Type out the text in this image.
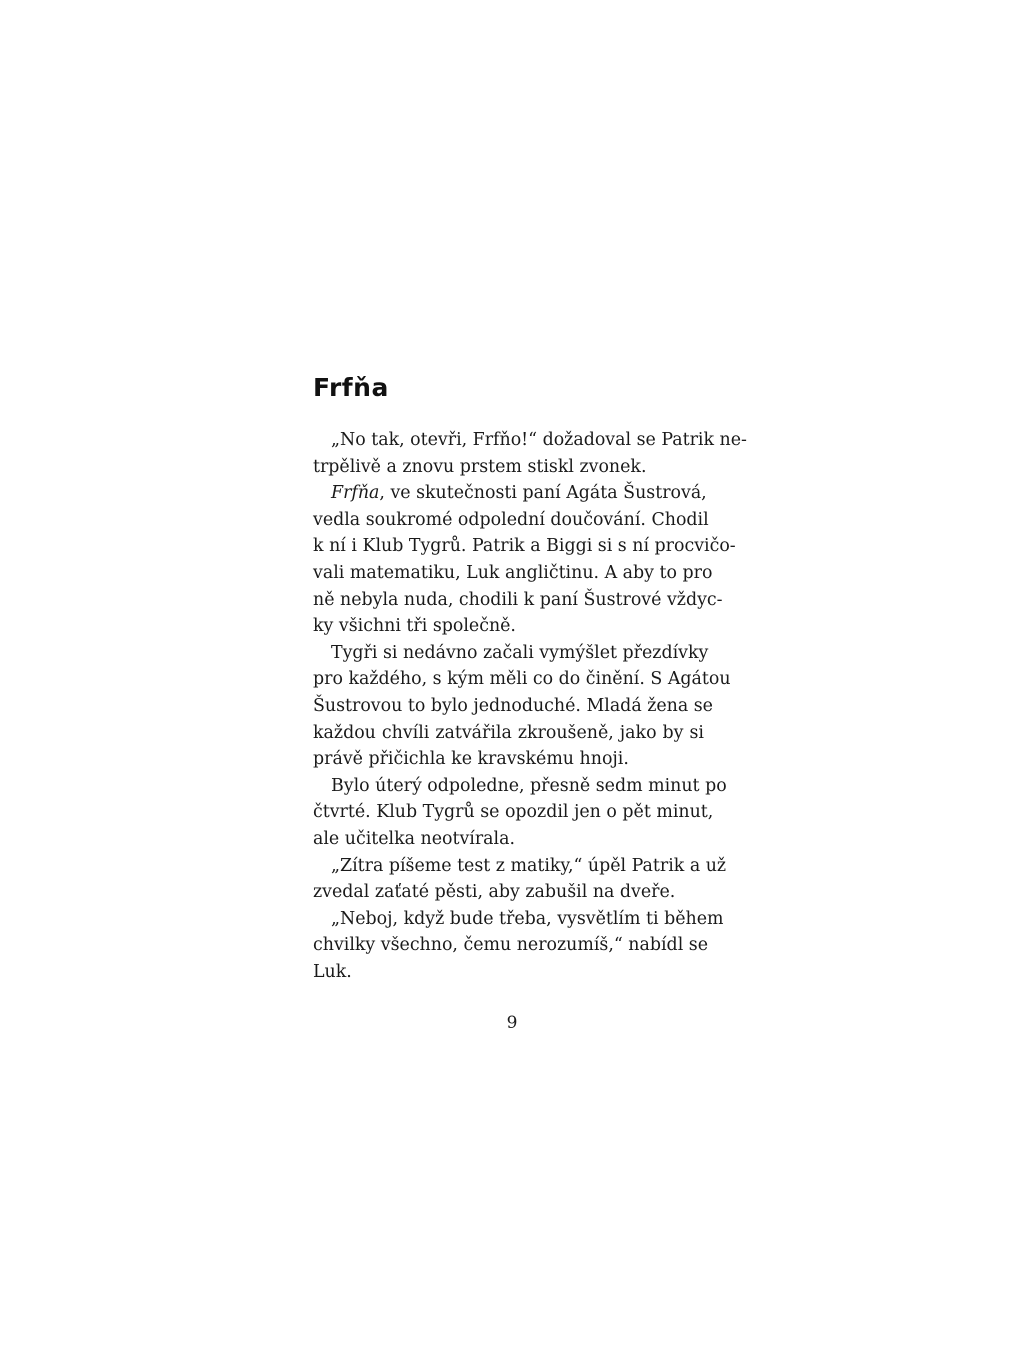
Frfňa
„No tak, otevři, Frfňo!“ dožadoval se Patrik ne-
trpělivě a znovu prstem stiskl zvonek.
Frfňa, ve skutečnosti paní Agáta Šustrová,
vedla soukromé odpolední doučování. Chodil
k ní i Klub Tygrů. Patrik a Biggi si s ní procvičo-
vali matematiku, Luk angličtinu. A aby to pro
ně nebyla nuda, chodili k paní Šustrové vždyc-
ky všichni tři společně.
Tygři si nedávno začali vymýšlet přezdívky
pro každého, s kým měli co do činění. S Agátou
Šustrovou to bylo jednoduché. Mladá žena se
každou chvíli zatvářila zkroušeně, jako by si
právě přičichla ke kravskému hnoji.
Bylo úterý odpoledne, přesně sedm minut po
čtvrté. Klub Tygrů se opozdil jen o pět minut,
ale učitelka neotvírala.
„Zítra píšeme test z matiky,“ úpěl Patrik a už
zvedal zaťaté pěsti, aby zabušil na dveře.
„Neboj, když bude třeba, vysvětlím ti během
chvilky všechno, čemu nerozumíš,“ nabídl se
Luk.
9
